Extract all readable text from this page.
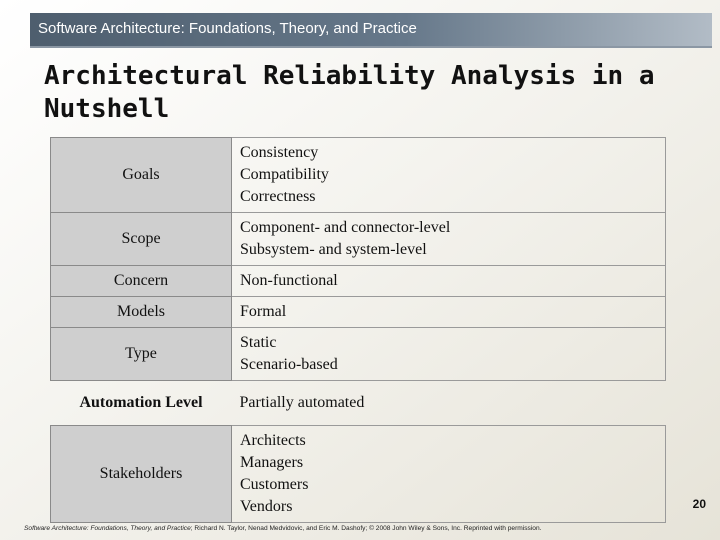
Software Architecture: Foundations, Theory, and Practice
Architectural Reliability Analysis in a Nutshell
Goals	Consistency
Compatibility
Correctness

Scope	Component- and connector-level
Subsystem- and system-level

Concern	Non-functional

Models	Formal

Type	Static
Scenario-based

Automation Level	Partially automated

Stakeholders	Architects
Managers
Customers
Vendors	20
Software Architecture: Foundations, Theory, and Practice; Richard N. Taylor, Nenad Medvidovic, and Eric M. Dashofy; © 2008 John Wiley & Sons, Inc. Reprinted with permission.
